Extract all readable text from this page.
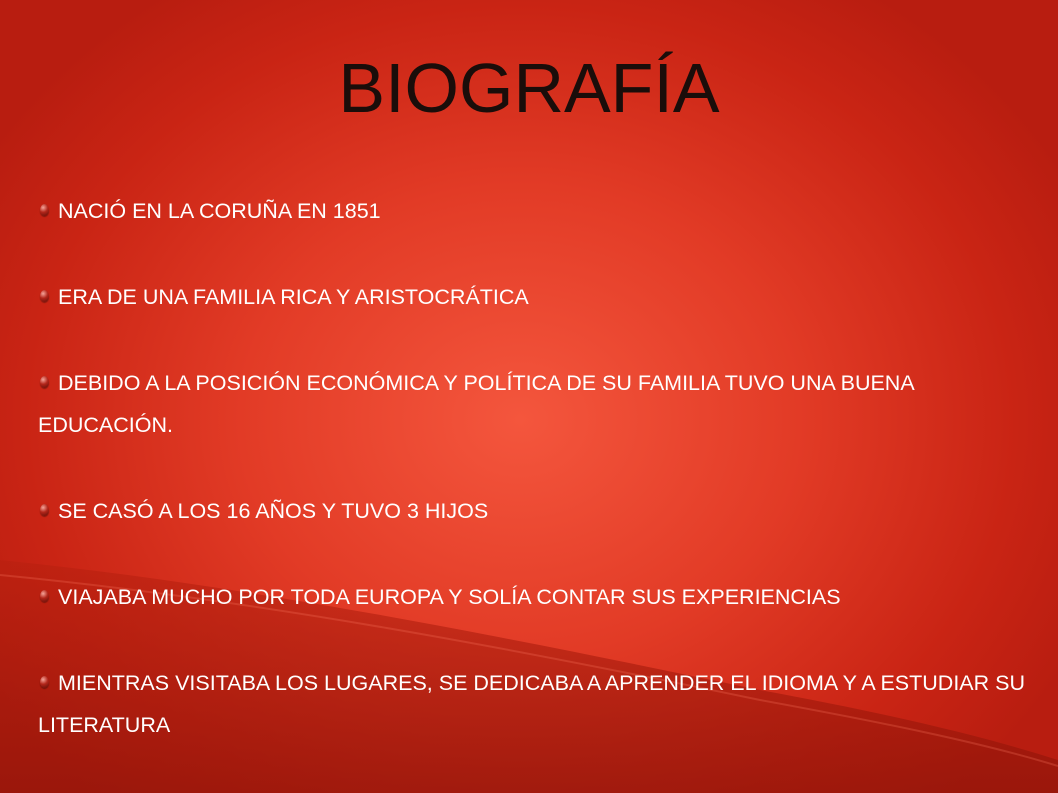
BIOGRAFÍA
NACIÓ EN LA CORUÑA EN 1851
ERA DE UNA FAMILIA RICA Y ARISTOCRÁTICA
DEBIDO A LA POSICIÓN ECONÓMICA Y POLÍTICA DE SU FAMILIA TUVO UNA BUENA EDUCACIÓN.
SE CASÓ A LOS 16 AÑOS Y TUVO 3 HIJOS
VIAJABA MUCHO POR TODA EUROPA Y SOLÍA CONTAR SUS EXPERIENCIAS
MIENTRAS VISITABA LOS LUGARES, SE DEDICABA A APRENDER EL IDIOMA Y A ESTUDIAR SU LITERATURA
